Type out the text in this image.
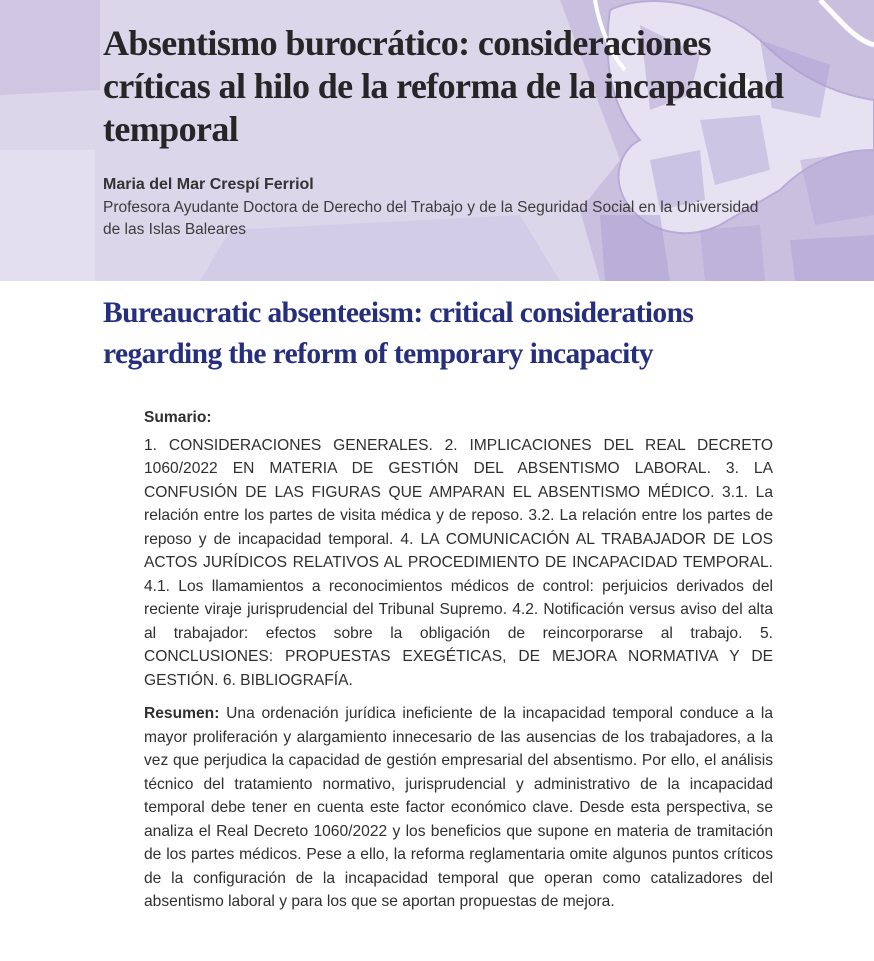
Absentismo burocrático: consideraciones críticas al hilo de la reforma de la incapacidad temporal
Maria del Mar Crespí Ferriol
Profesora Ayudante Doctora de Derecho del Trabajo y de la Seguridad Social en la Universidad de las Islas Baleares
Bureaucratic absenteeism: critical considerations regarding the reform of temporary incapacity
Sumario:

1. CONSIDERACIONES GENERALES. 2. IMPLICACIONES DEL REAL DECRETO 1060/2022 EN MATERIA DE GESTIÓN DEL ABSENTISMO LABORAL. 3. LA CONFUSIÓN DE LAS FIGURAS QUE AMPARAN EL ABSENTISMO MÉDICO. 3.1. La relación entre los partes de visita médica y de reposo. 3.2. La relación entre los partes de reposo y de incapacidad temporal. 4. LA COMUNICACIÓN AL TRABAJADOR DE LOS ACTOS JURÍDICOS RELATIVOS AL PROCEDIMIENTO DE INCAPACIDAD TEMPORAL. 4.1. Los llamamientos a reconocimientos médicos de control: perjuicios derivados del reciente viraje jurisprudencial del Tribunal Supremo. 4.2. Notificación versus aviso del alta al trabajador: efectos sobre la obligación de reincorporarse al trabajo. 5. CONCLUSIONES: PROPUESTAS EXEGÉTICAS, DE MEJORA NORMATIVA Y DE GESTIÓN. 6. BIBLIOGRAFÍA.

Resumen: Una ordenación jurídica ineficiente de la incapacidad temporal conduce a la mayor proliferación y alargamiento innecesario de las ausencias de los trabajadores, a la vez que perjudica la capacidad de gestión empresarial del absentismo. Por ello, el análisis técnico del tratamiento normativo, jurisprudencial y administrativo de la incapacidad temporal debe tener en cuenta este factor económico clave. Desde esta perspectiva, se analiza el Real Decreto 1060/2022 y los beneficios que supone en materia de tramitación de los partes médicos. Pese a ello, la reforma reglamentaria omite algunos puntos críticos de la configuración de la incapacidad temporal que operan como catalizadores del absentismo laboral y para los que se aportan propuestas de mejora.
